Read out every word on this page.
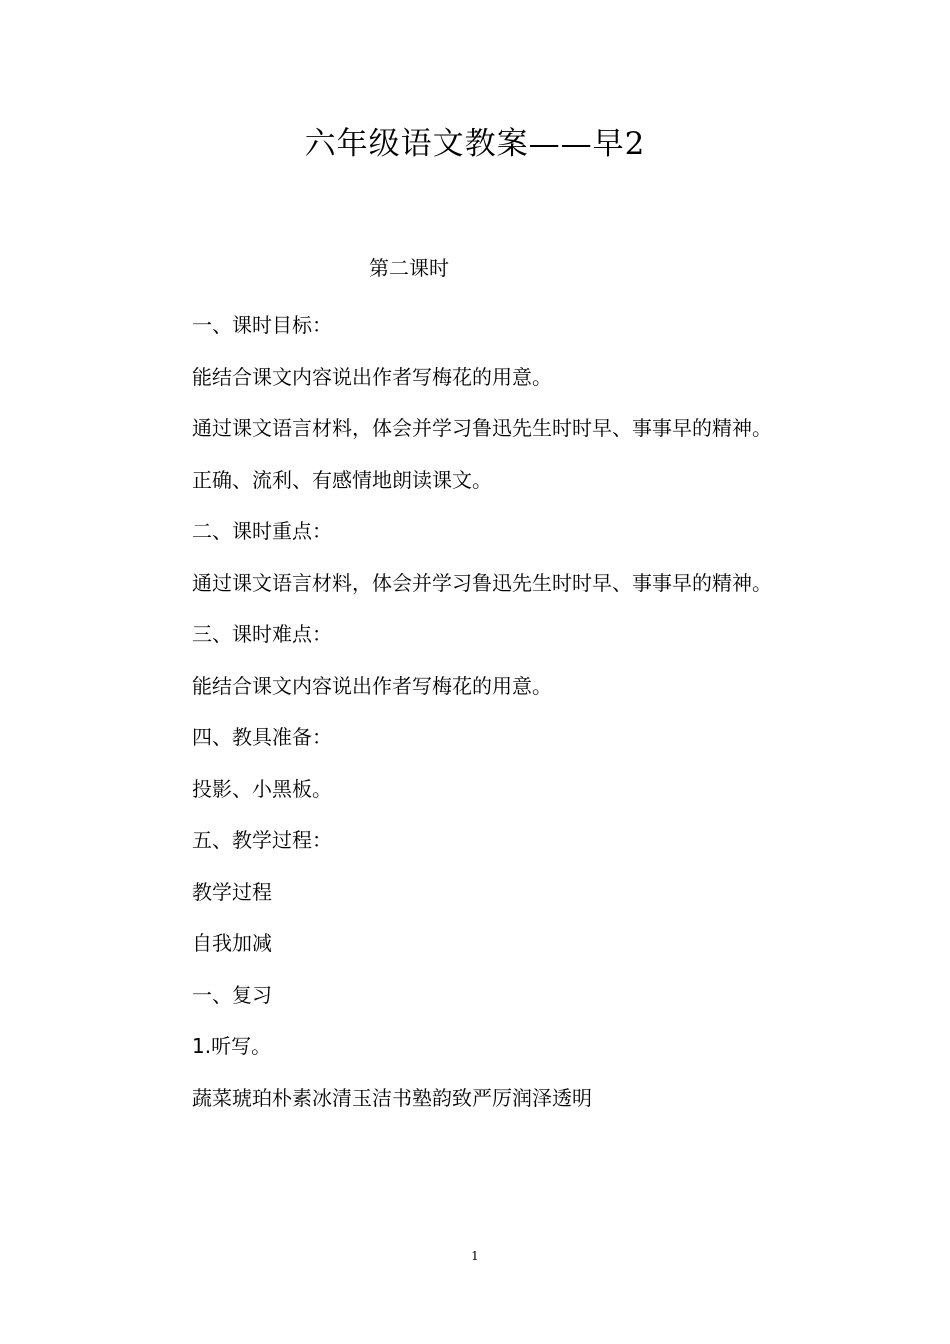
六年级语文教案——早2
第二课时

一、课时目标：

能结合课文内容说出作者写梅花的用意。

通过课文语言材料，体会并学习鲁迅先生时时早、事事早的精神。

正确、流利、有感情地朗读课文。

二、课时重点：

通过课文语言材料，体会并学习鲁迅先生时时早、事事早的精神。

三、课时难点：

能结合课文内容说出作者写梅花的用意。

四、教具准备：

投影、小黑板。

五、教学过程：

教学过程

自我加减

一、复习

1.听写。

蔬菜琥珀朴素冰清玉洁书塾韵致严厉润泽透明

1
